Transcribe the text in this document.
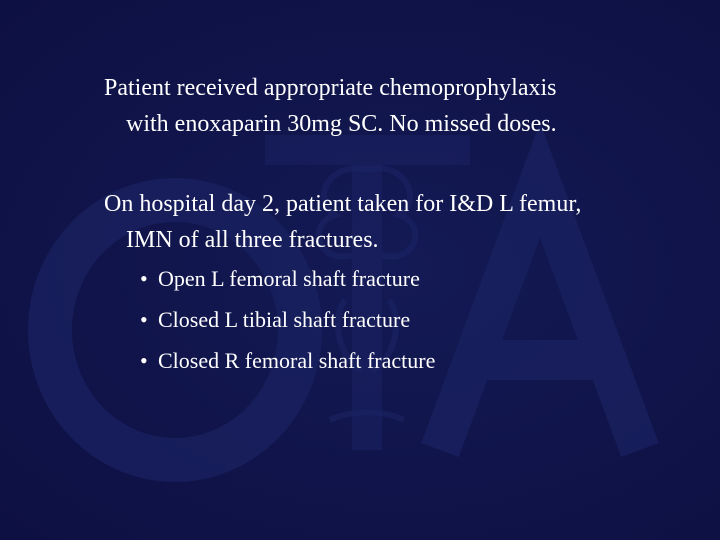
Patient received appropriate chemoprophylaxis
with enoxaparin 30mg SC. No missed doses.
On hospital day 2, patient taken for I&D L femur,
IMN of all three fractures.
• Open L femoral shaft fracture
• Closed L tibial shaft fracture
• Closed R femoral shaft fracture
